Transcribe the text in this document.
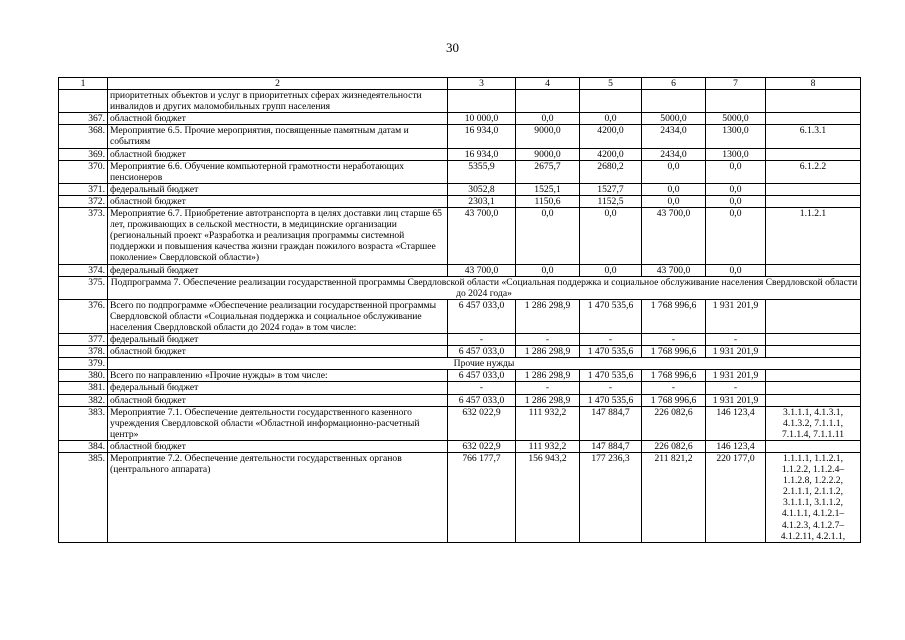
30
1	2	3	4	5	6	7	8
	приоритетных объектов и услуг в приоритетных сферах жизнедеятельности инвалидов и других маломобильных групп населения						
367.	областной бюджет	10 000,0	0,0	0,0	5000,0	5000,0	
368.	Мероприятие 6.5. Прочие мероприятия, посвященные памятным датам и событиям	16 934,0	9000,0	4200,0	2434,0	1300,0	6.1.3.1
369.	областной бюджет	16 934,0	9000,0	4200,0	2434,0	1300,0	
370.	Мероприятие 6.6. Обучение компьютерной грамотности неработающих пенсионеров	5355,9	2675,7	2680,2	0,0	0,0	6.1.2.2
371.	федеральный бюджет	3052,8	1525,1	1527,7	0,0	0,0	
372.	областной бюджет	2303,1	1150,6	1152,5	0,0	0,0	
373.	Мероприятие 6.7. Приобретение автотранспорта в целях доставки лиц старше 65 лет, проживающих в сельской местности, в медицинские организации (региональный проект «Разработка и реализация программы системной поддержки и повышения качества жизни граждан пожилого возраста «Старшее поколение» Свердловской области»)	43 700,0	0,0	0,0	43 700,0	0,0	1.1.2.1
374.	федеральный бюджет	43 700,0	0,0	0,0	43 700,0	0,0	
375.	Подпрограмма 7. Обеспечение реализации государственной программы Свердловской области «Социальная поддержка и социальное обслуживание населения Свердловской области до 2024 года»						
376.	Всего по подпрограмме «Обеспечение реализации государственной программы Свердловской области «Социальная поддержка и социальное обслуживание населения Свердловской области до 2024 года» в том числе:	6 457 033,0	1 286 298,9	1 470 535,6	1 768 996,6	1 931 201,9	
377.	федеральный бюджет	-	-	-	-	-	
378.	областной бюджет	6 457 033,0	1 286 298,9	1 470 535,6	1 768 996,6	1 931 201,9	
379.	Прочие нужды						
380.	Всего по направлению «Прочие нужды» в том числе:	6 457 033,0	1 286 298,9	1 470 535,6	1 768 996,6	1 931 201,9	
381.	федеральный бюджет	-	-	-	-	-	
382.	областной бюджет	6 457 033,0	1 286 298,9	1 470 535,6	1 768 996,6	1 931 201,9	
383.	Мероприятие 7.1. Обеспечение деятельности государственного казенного учреждения Свердловской области «Областной информационно-расчетный центр»	632 022,9	111 932,2	147 884,7	226 082,6	146 123,4	3.1.1.1, 4.1.3.1, 4.1.3.2, 7.1.1.1, 7.1.1.4, 7.1.1.11
384.	областной бюджет	632 022,9	111 932,2	147 884,7	226 082,6	146 123,4	
385.	Мероприятие 7.2. Обеспечение деятельности государственных органов (центрального аппарата)	766 177,7	156 943,2	177 236,3	211 821,2	220 177,0	1.1.1.1, 1.1.2.1, 1.1.2.2, 1.1.2.4– 1.1.2.8, 1.2.2.2, 2.1.1.1, 2.1.1.2, 3.1.1.1, 3.1.1.2, 4.1.1.1, 4.1.2.1– 4.1.2.3, 4.1.2.7– 4.1.2.11, 4.2.1.1,
